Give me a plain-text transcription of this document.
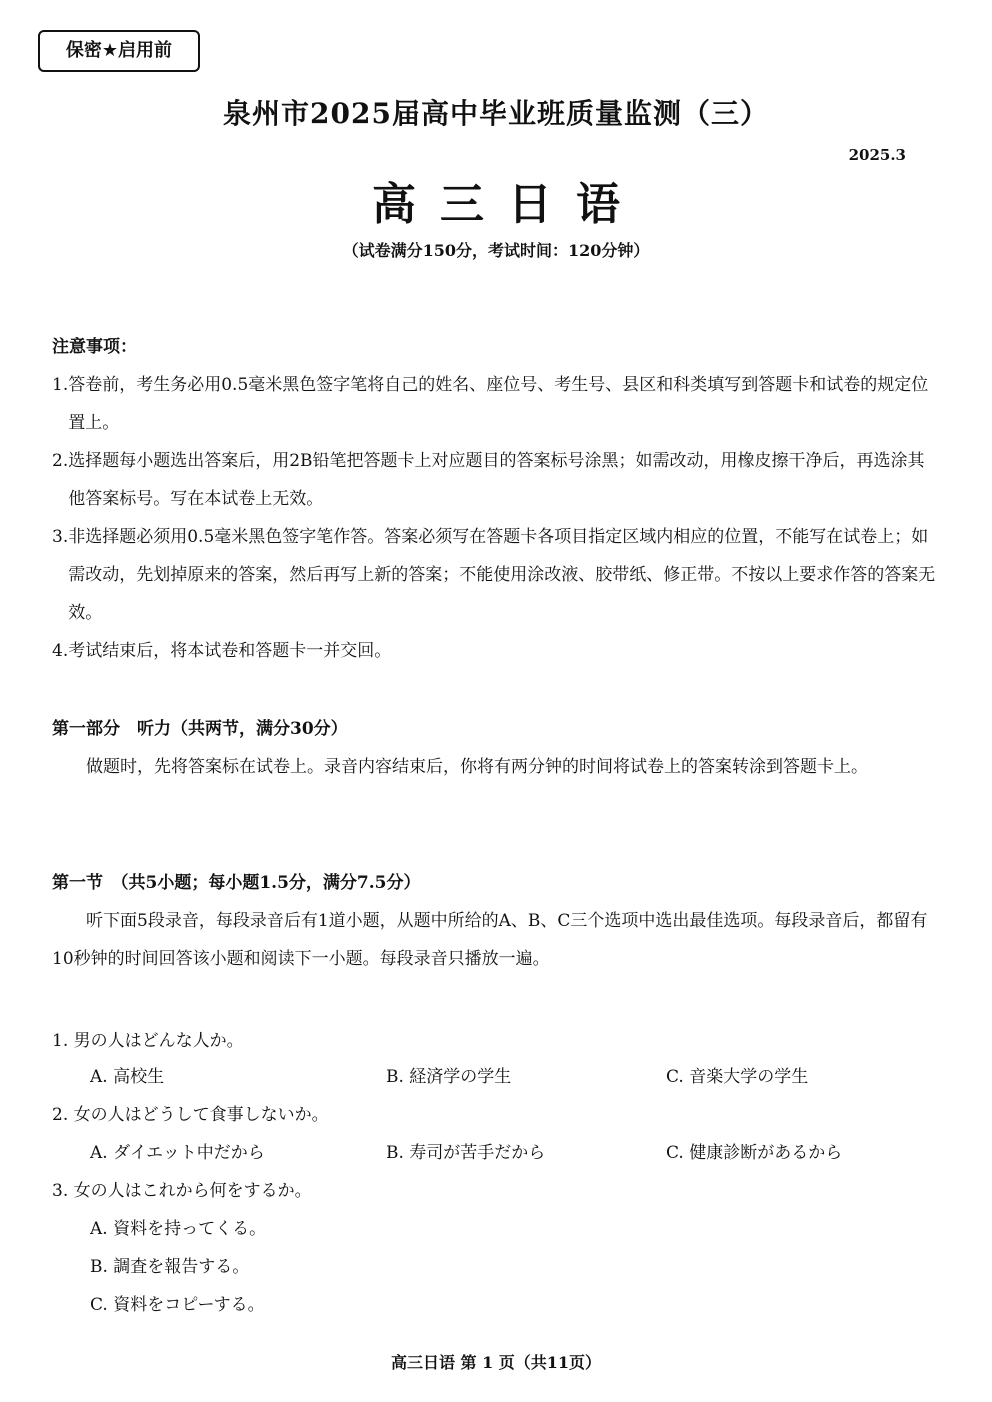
保密★启用前
泉州市2025届高中毕业班质量监测（三）
2025.3
高三日语
（试卷满分150分，考试时间：120分钟）
注意事项：
1. 答卷前，考生务必用0.5毫米黑色签字笔将自己的姓名、座位号、考生号、县区和科类填写到答题卡和试卷的规定位置上。
2. 选择题每小题选出答案后，用2B铅笔把答题卡上对应题目的答案标号涂黑；如需改动，用橡皮擦干净后，再选涂其他答案标号。写在本试卷上无效。
3. 非选择题必须用0.5毫米黑色签字笔作答。答案必须写在答题卡各项目指定区域内相应的位置，不能写在试卷上；如需改动，先划掉原来的答案，然后再写上新的答案；不能使用涂改液、胶带纸、修正带。不按以上要求作答的答案无效。
4. 考试结束后，将本试卷和答题卡一并交回。
第一部分　听力（共两节，满分30分）
做题时，先将答案标在试卷上。录音内容结束后，你将有两分钟的时间将试卷上的答案转涂到答题卡上。
第一节　（共5小题；每小题1.5分，满分7.5分）
听下面5段录音，每段录音后有1道小题，从题中所给的A、B、C三个选项中选出最佳选项。每段录音后，都留有10秒钟的时间回答该小题和阅读下一小题。每段录音只播放一遍。
1. 男の人はどんな人か。
A. 高校生	B. 経済学の学生	C. 音楽大学の学生
2. 女の人はどうして食事しないか。
A. ダイエット中だから	B. 寿司が苦手だから	C. 健康診断があるから
3. 女の人はこれから何をするか。
A. 資料を持ってくる。
B. 調査を報告する。
C. 資料をコピーする。
高三日语 第 1 页（共11页）
